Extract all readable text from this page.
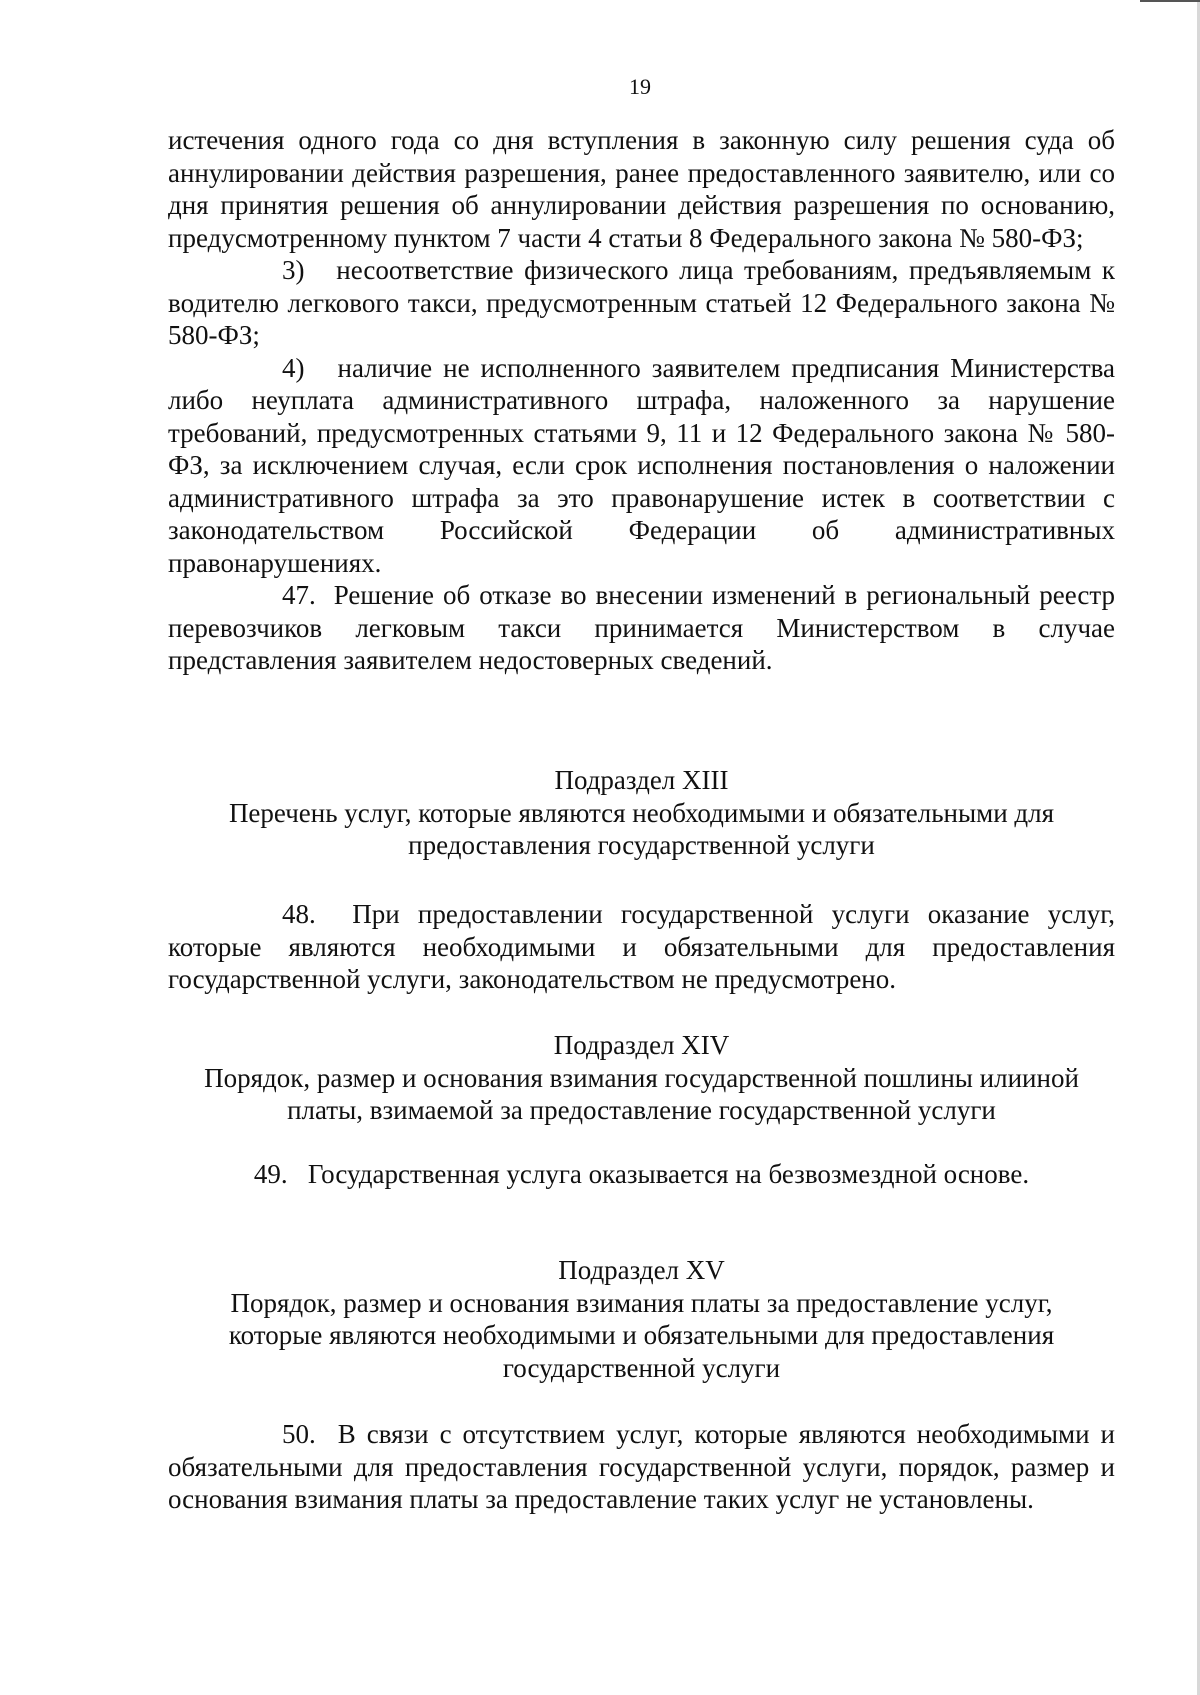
19

истечения одного года со дня вступления в законную силу решения суда об аннулировании действия разрешения, ранее предоставленного заявителю, или со дня принятия решения об аннулировании действия разрешения по основанию, предусмотренному пунктом 7 части 4 статьи 8 Федерального закона № 580-ФЗ;

3) несоответствие физического лица требованиям, предъявляемым к водителю легкового такси, предусмотренным статьей 12 Федерального закона № 580-ФЗ;

4) наличие не исполненного заявителем предписания Министерства либо неуплата административного штрафа, наложенного за нарушение требований, предусмотренных статьями 9, 11 и 12 Федерального закона № 580-ФЗ, за исключением случая, если срок исполнения постановления о наложении административного штрафа за это правонарушение истек в соответствии с законодательством Российской Федерации об административных правонарушениях.

47. Решение об отказе во внесении изменений в региональный реестр перевозчиков легковым такси принимается Министерством в случае представления заявителем недостоверных сведений.

Подраздел XIII
Перечень услуг, которые являются необходимыми и обязательными для
предоставления государственной услуги

48. При предоставлении государственной услуги оказание услуг, которые являются необходимыми и обязательными для предоставления государственной услуги, законодательством не предусмотрено.

Подраздел XIV
Порядок, размер и основания взимания государственной пошлины илииной
платы, взимаемой за предоставление государственной услуги
49. Государственная услуга оказывается на безвозмездной основе.
Подраздел XV
Порядок, размер и основания взимания платы за предоставление услуг,
которые являются необходимыми и обязательными для предоставления
государственной услуги

50. В связи с отсутствием услуг, которые являются необходимыми и обязательными для предоставления государственной услуги, порядок, размер и основания взимания платы за предоставление таких услуг не установлены.
